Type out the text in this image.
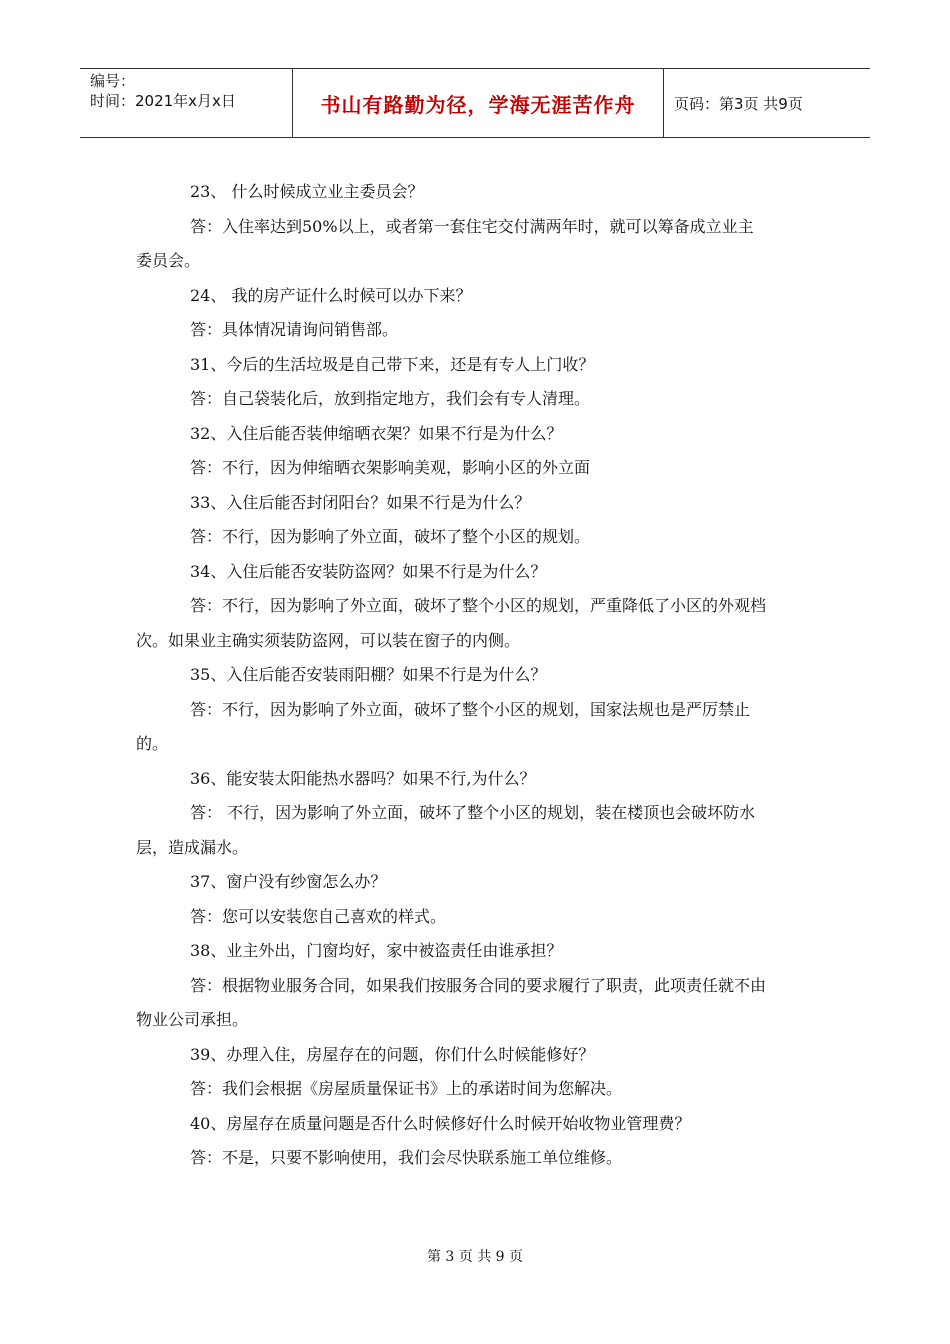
编号：
时间：2021年x月x日	书山有路勤为径，学海无涯苦作舟	页码：第3页 共9页
23、 什么时候成立业主委员会？
答：入住率达到50%以上，或者第一套住宅交付满两年时，就可以筹备成立业主
委员会。
24、 我的房产证什么时候可以办下来？
答：具体情况请询问销售部。
31、今后的生活垃圾是自己带下来，还是有专人上门收？
答：自己袋装化后，放到指定地方，我们会有专人清理。
32、入住后能否装伸缩晒衣架？如果不行是为什么？
答：不行，因为伸缩晒衣架影响美观，影响小区的外立面
33、入住后能否封闭阳台？如果不行是为什么？
答：不行，因为影响了外立面，破坏了整个小区的规划。
34、入住后能否安装防盗网？如果不行是为什么？
答：不行，因为影响了外立面，破坏了整个小区的规划，严重降低了小区的外观档
次。如果业主确实须装防盗网，可以装在窗子的内侧。
35、入住后能否安装雨阳棚？如果不行是为什么？
答：不行，因为影响了外立面，破坏了整个小区的规划，国家法规也是严厉禁止
的。
36、能安装太阳能热水器吗？如果不行,为什么？
答： 不行，因为影响了外立面，破坏了整个小区的规划，装在楼顶也会破坏防水
层，造成漏水。
37、窗户没有纱窗怎么办？
答：您可以安装您自己喜欢的样式。
38、业主外出，门窗均好，家中被盗责任由谁承担？
答：根据物业服务合同，如果我们按服务合同的要求履行了职责，此项责任就不由
物业公司承担。
39、办理入住，房屋存在的问题，你们什么时候能修好？
答：我们会根据《房屋质量保证书》上的承诺时间为您解决。
40、房屋存在质量问题是否什么时候修好什么时候开始收物业管理费？
答：不是，只要不影响使用，我们会尽快联系施工单位维修。
第 3 页 共 9 页
